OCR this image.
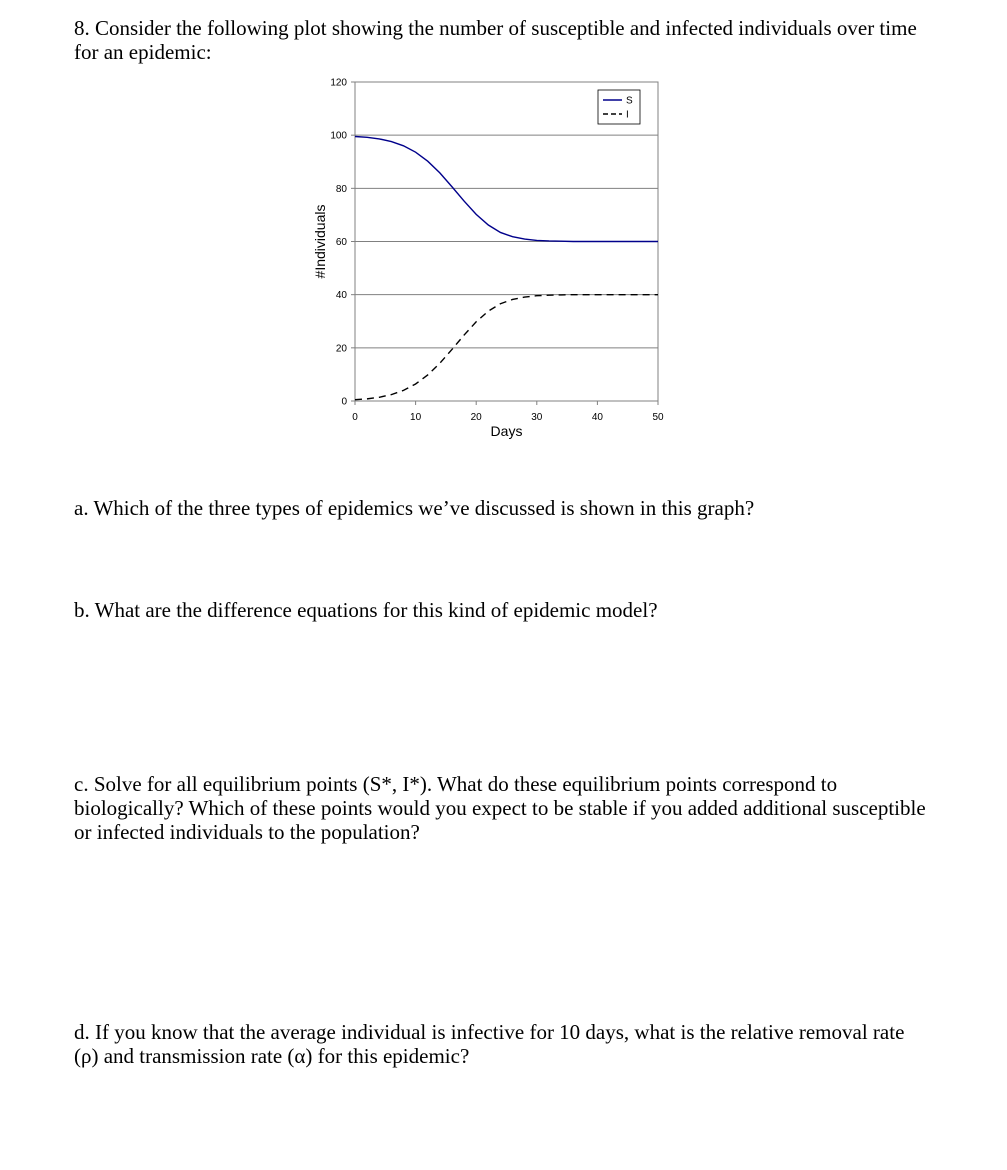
8. Consider the following plot showing the number of susceptible and infected individuals over time for an epidemic:

0
20
40
60
80
100
120
0	10	20	30	40	50
Days
#Individuals
S
I

a. Which of the three types of epidemics we’ve discussed is shown in this graph?

b. What are the difference equations for this kind of epidemic model?

c. Solve for all equilibrium points (S*, I*). What do these equilibrium points correspond to biologically? Which of these points would you expect to be stable if you added additional susceptible or infected individuals to the population?

d. If you know that the average individual is infective for 10 days, what is the relative removal rate (ρ) and transmission rate (α) for this epidemic?
